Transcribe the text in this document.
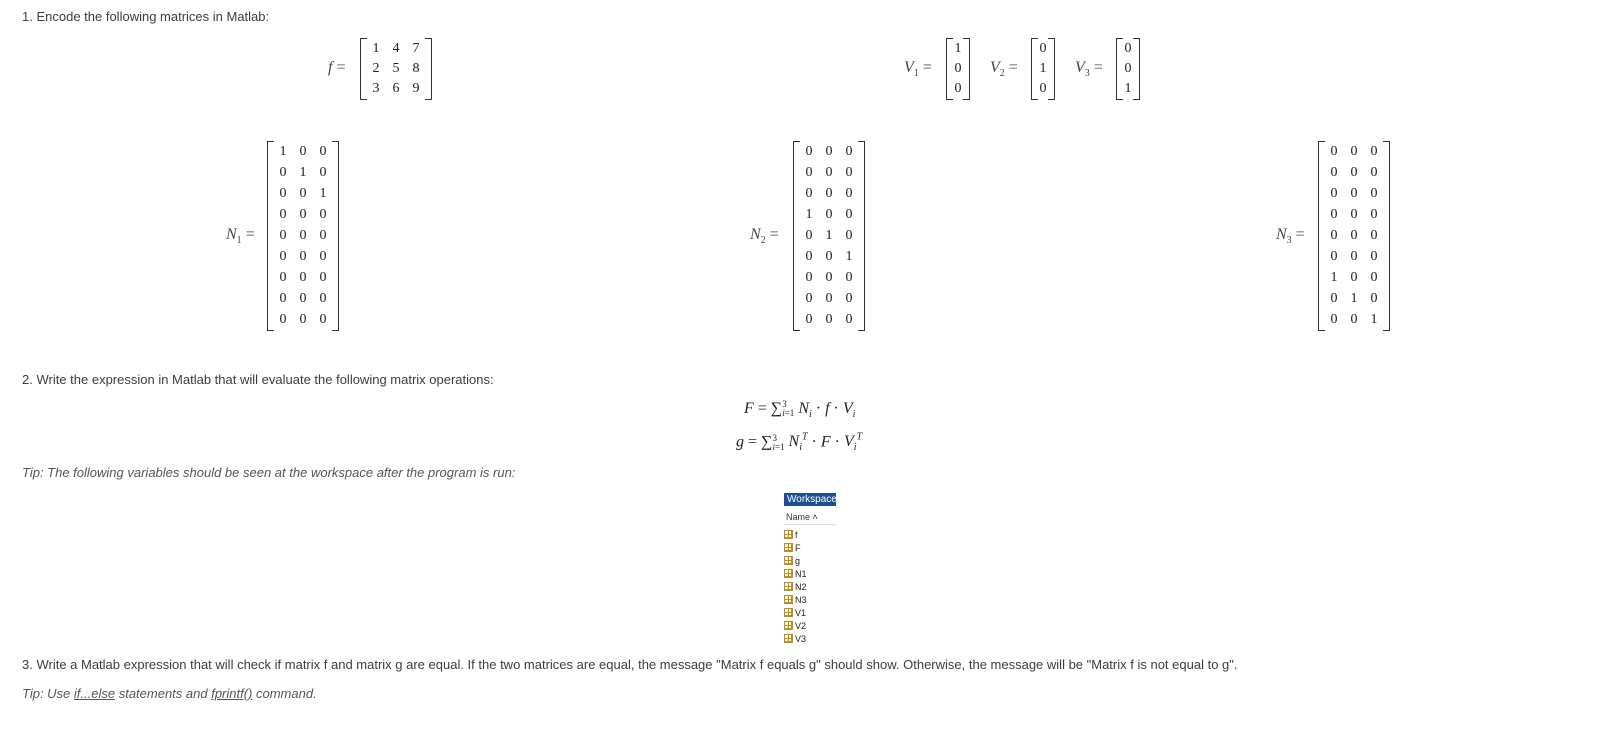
1. Encode the following matrices in Matlab:
f =
1 4 7
2 5 8
3 6 9
$V_1$ =
1
0
0
$V_2$ =
0
1
0
$V_3$ =
0
0
1
$N_1$ =
1 0 0
0 1 0
0 0 1
0 0 0
0 0 0
0 0 0
0 0 0
0 0 0
0 0 0
$N_2$ =
0 0 0
0 0 0
0 0 0
1 0 0
0 1 0
0 0 1
0 0 0
0 0 0
0 0 0
$N_3$ =
0 0 0
0 0 0
0 0 0
0 0 0
0 0 0
0 0 0
1 0 0
0 1 0
0 0 1
2. Write the expression in Matlab that will evaluate the following matrix operations:
F = ∑ 3
i=1 $N_i \cdot f \cdot V_i$
g = ∑ 3
i=1 $N_i^T \cdot F \cdot V_i^T$
Tip: The following variables should be seen at the workspace after the program is run:
Workspace
Name ˄
f
F
g
N1
N2
N3
V1
V2
V3
3. Write a Matlab expression that will check if matrix f and matrix g are equal. If the two matrices are equal, the message "Matrix f equals g" should show. Otherwise, the message will be "Matrix f is not equal to g".
Tip: Use if...else statements and fprintf() command.
